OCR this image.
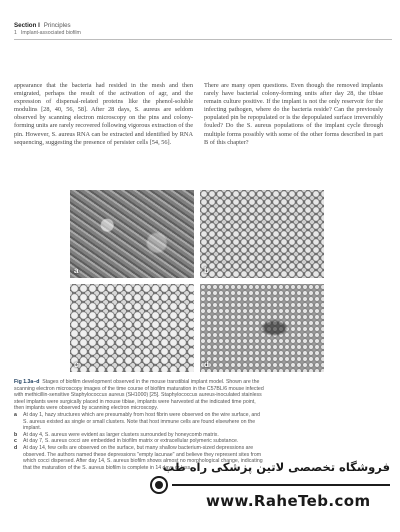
Section I Principles
1 Implant-associated biofilm

appearance that the bacteria had resided in the mesh and then emigrated, perhaps the result of the activation of agr, and the expression of dispersal-related proteins like the phenol-soluble modulins [28, 40, 56, 58]. After 28 days, S. aureus are seldom observed by scanning electron microscopy on the pins and colony-forming units are rarely recovered following vigorous extraction of the pin. However, S. aureus RNA can be extracted and identified by RNA sequencing, suggesting the presence of persister cells [54, 56].

There are many open questions. Even though the removed implants rarely have bacterial colony-forming units after day 28, the tibiae remain culture positive. If the implant is not the only reservoir for the infecting pathogen, where do the bacteria reside? Can the previously populated pin be repopulated or is the depopulated surface irreversibly fouled? Do the S. aureus populations of the implant cycle through multiple forms possibly with some of the other forms described in part B of this chapter?

a	b
c	d

Fig 1.3a–d Stages of biofilm development observed in the mouse transtibial implant model. Shown are the scanning electron microscopy images of the time course of biofilm maturation in the C57BL/6 mouse infected with methicillin-sensitive Staphylococcus aureus (SH1000) [25]. Staphylococcus aureus-inoculated stainless steel implants were surgically placed in mouse tibiae, implants were harvested at the indicated time point, then implants were observed by scanning electron microscopy.

a At day 1, hazy structures which are presumably from host fibrin were observed on the wire surface, and S. aureus existed as single or small clusters. Note that host immune cells are found elsewhere on the implant.
b At day 4, S. aureus were evident as larger clusters surrounded by honeycomb matrix.
c At day 7, S. aureus cocci are embedded in biofilm matrix or extracellular polymeric substance.
d At day 14, few cells are observed on the surface, but many shallow bacterium-sized depressions are observed. The authors named these depressions "empty lacunae" and believe they represent sites from which cocci dispersed. After day 14, S. aureus biofilm shows almost no morphological change, indicating that the maturation of the S. aureus biofilm is complete in 14 days or less.
فروشگاه تخصصی لاتین پزشکی راه طب
www.RaheTeb.com
